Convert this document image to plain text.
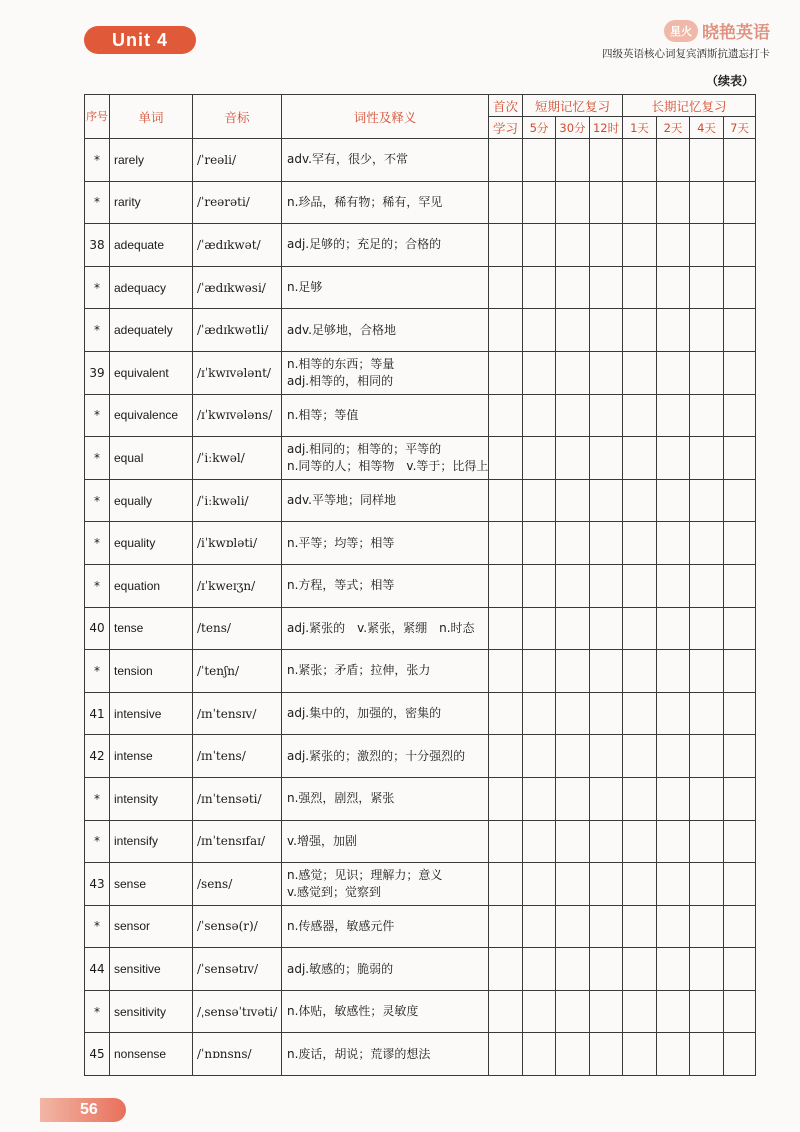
Unit 4	星火 晓艳英语
四级英语核心词复宾洒斯抗遗忘打卡
（续表）
序号	单词	音标	词性及释义	首次	短期记忆复习			长期记忆复习			
				学习	5分	30分	12时	1天	2天	4天	7天
*	rarely	/ˈreəli/	adv.罕有，很少，不常								

*	rarity	/ˈreərəti/	n.珍品，稀有物；稀有，罕见								

38	adequate	/ˈædɪkwət/	adj.足够的；充足的；合格的								

*	adequacy	/ˈædɪkwəsi/	n.足够								

*	adequately	/ˈædɪkwətli/	adv.足够地，合格地								

39	equivalent	/ɪˈkwɪvələnt/	n.相等的东西；等量
adj.相等的，相同的								

*	equivalence	/ɪˈkwɪvələns/	n.相等；等值								

*	equal	/ˈiːkwəl/	adj.相同的；相等的；平等的
n.同等的人；相等物　v.等于；比得上								

*	equally	/ˈiːkwəli/	adv.平等地；同样地								

*	equality	/iˈkwɒləti/	n.平等；均等；相等								

*	equation	/ɪˈkweɪʒn/	n.方程，等式；相等								

40	tense	/tens/	adj.紧张的　v.紧张，紧绷　n.时态								

*	tension	/ˈtenʃn/	n.紧张；矛盾；拉伸，张力								

41	intensive	/ɪnˈtensɪv/	adj.集中的，加强的，密集的								

42	intense	/ɪnˈtens/	adj.紧张的；激烈的；十分强烈的								

*	intensity	/ɪnˈtensəti/	n.强烈，剧烈，紧张								

*	intensify	/ɪnˈtensɪfaɪ/	v.增强，加剧								

43	sense	/sens/	n.感觉；见识；理解力；意义
v.感觉到；觉察到								

*	sensor	/ˈsensə(r)/	n.传感器，敏感元件								

44	sensitive	/ˈsensətɪv/	adj.敏感的；脆弱的								

*	sensitivity	/ˌsensəˈtɪvəti/	n.体贴，敏感性；灵敏度								

45	nonsense	/ˈnɒnsns/	n.废话，胡说；荒谬的想法								

56
